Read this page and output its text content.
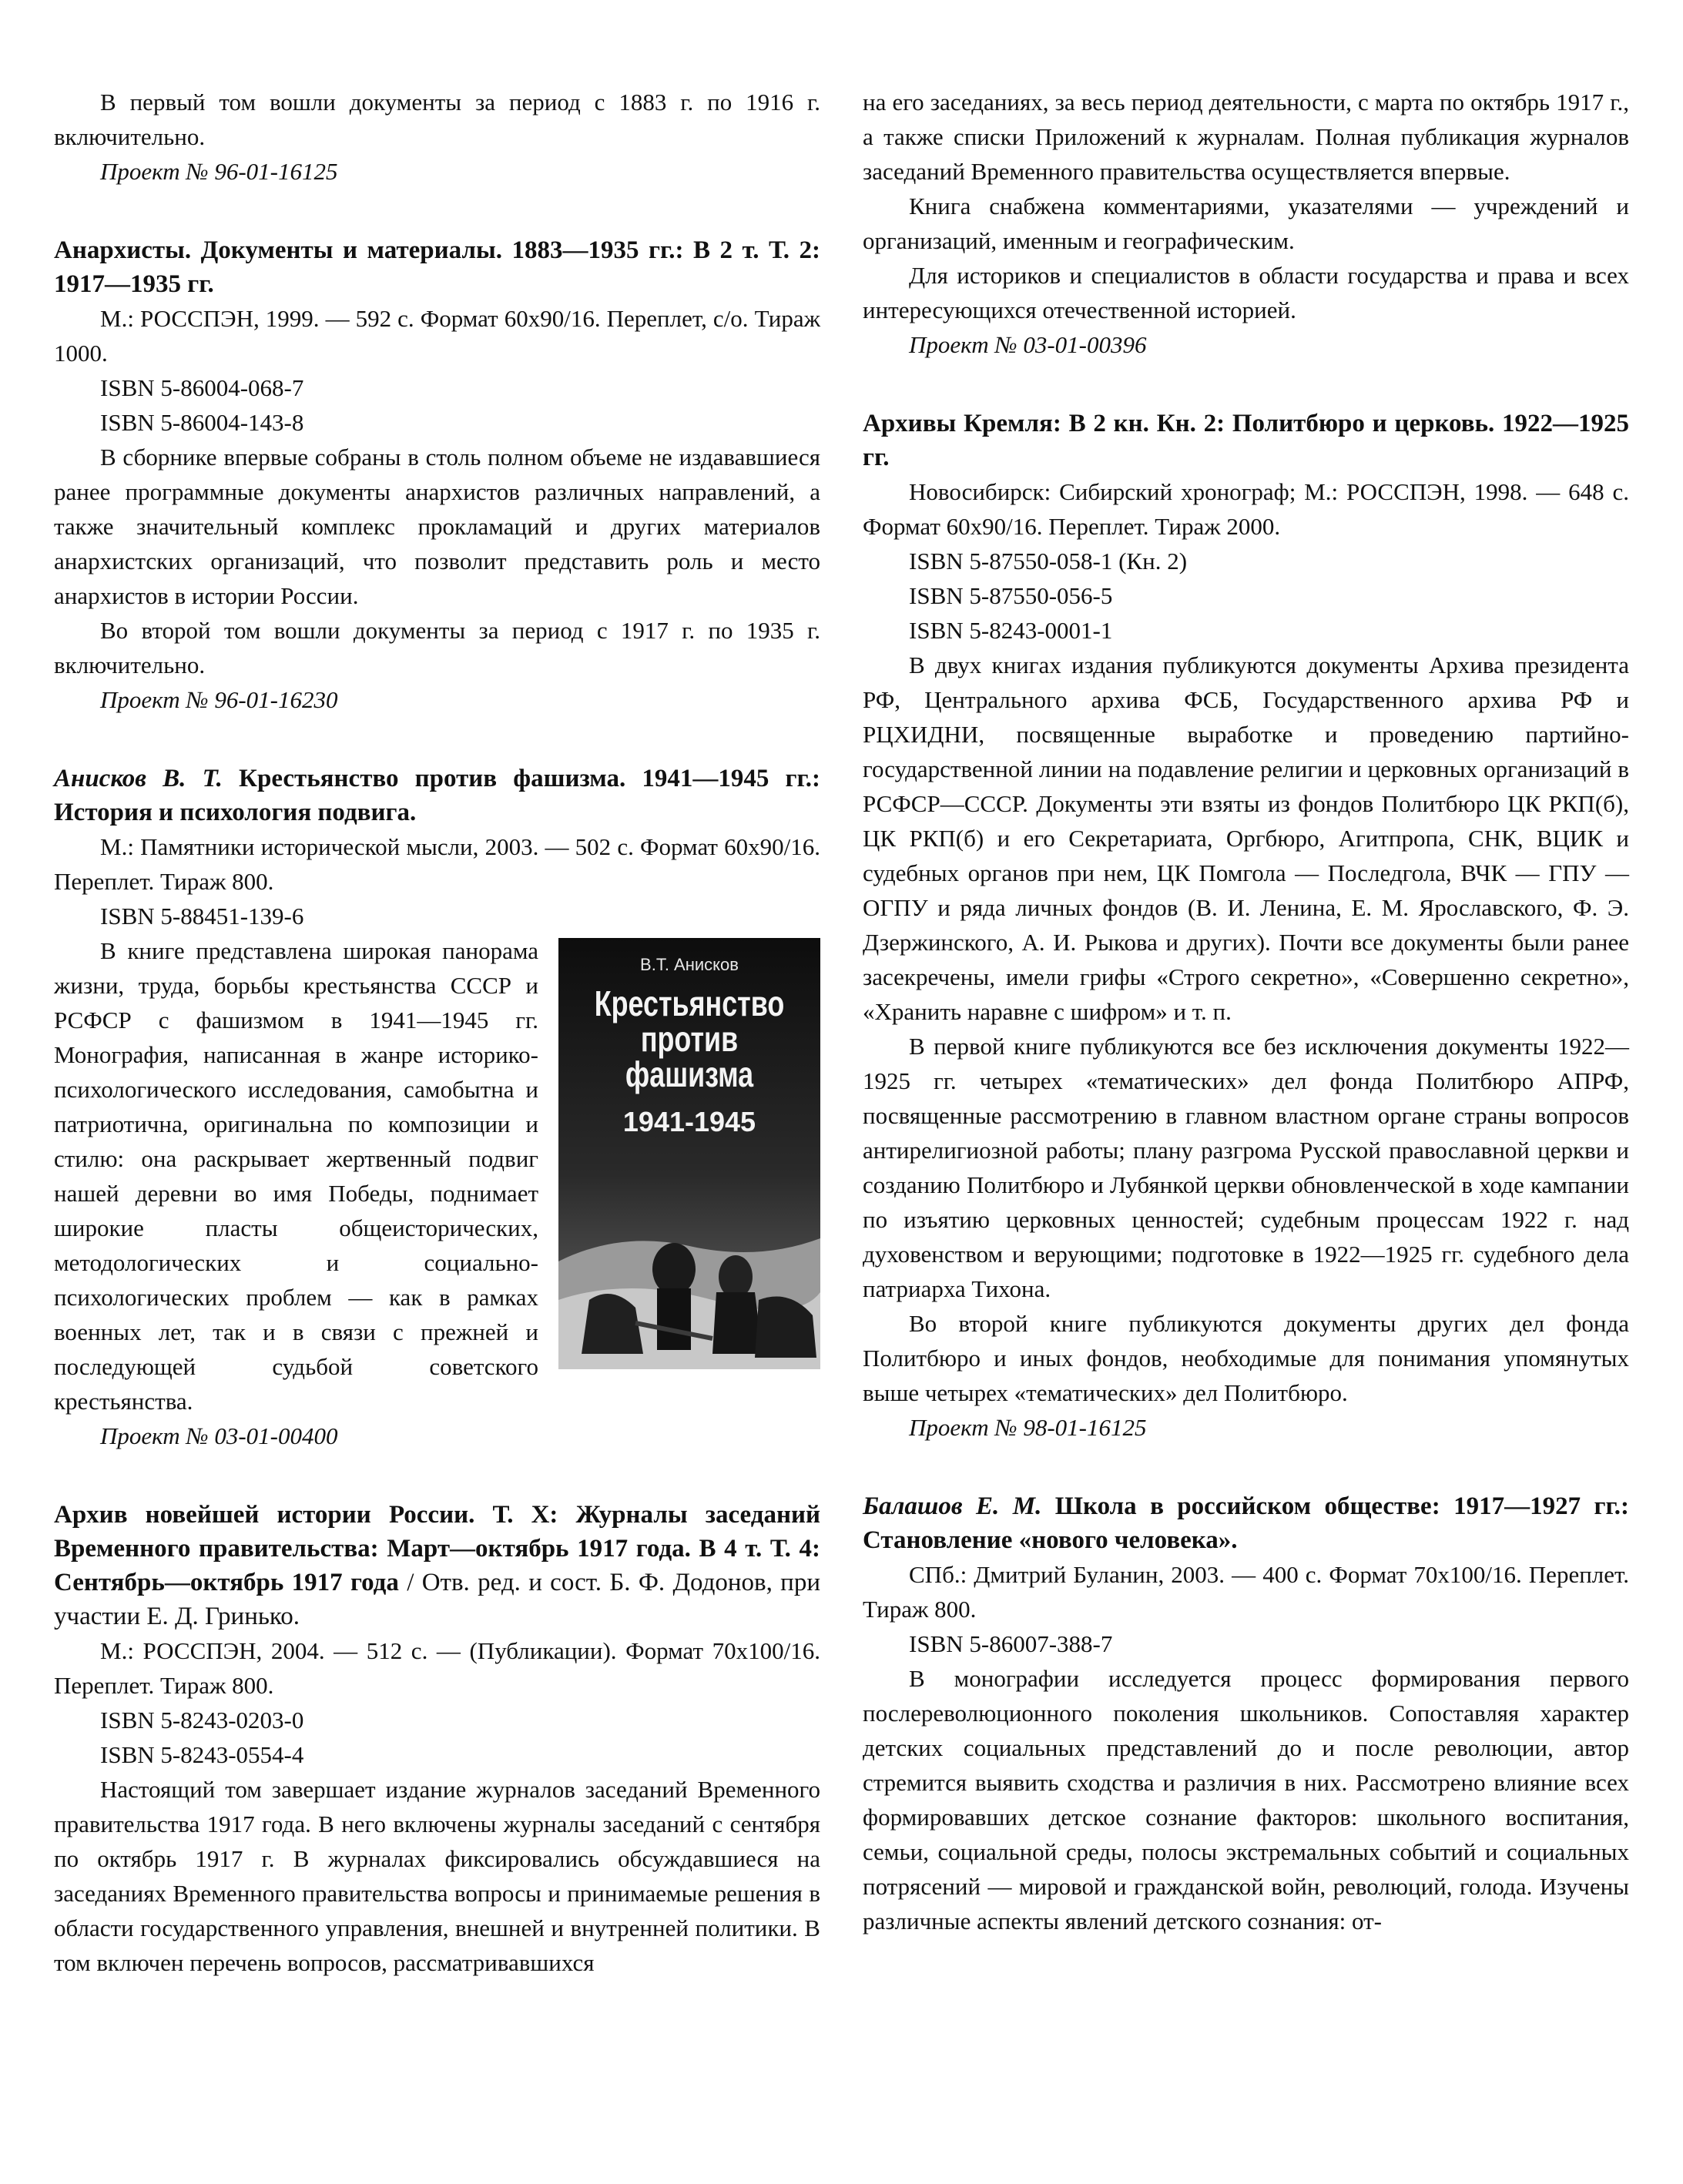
В первый том вошли документы за период с 1883 г. по 1916 г. включительно.

Проект № 96-01-16125

Анархисты. Документы и материалы. 1883—1935 гг.: В 2 т. Т. 2: 1917—1935 гг.

М.: РОССПЭН, 1999. — 592 с. Формат 60х90/16. Переплет, с/о. Тираж 1000.

ISBN 5-86004-068-7

ISBN 5-86004-143-8

В сборнике впервые собраны в столь полном объеме не издававшиеся ранее программные документы анархистов различных направлений, а также значительный комплекс прокламаций и других материалов анархистских организаций, что позволит представить роль и место анархистов в истории России.

Во второй том вошли документы за период с 1917 г. по 1935 г. включительно.

Проект № 96-01-16230

Анисков В. Т. Крестьянство против фашизма. 1941—1945 гг.: История и психология подвига.

М.: Памятники исторической мысли, 2003. — 502 с. Формат 60х90/16. Переплет. Тираж 800.

ISBN 5-88451-139-6

В.Т. Анисков
Крестьянство
против
фашизма
1941-1945

В книге представлена широкая панорама жизни, труда, борьбы крестьянства СССР и РСФСР с фашизмом в 1941—1945 гг. Монография, написанная в жанре историко-психологического исследования, самобытна и патриотична, оригинальна по композиции и стилю: она раскрывает жертвенный подвиг нашей деревни во имя Победы, поднимает широкие пласты общеисторических, методологических и социально-психологических проблем — как в рамках военных лет, так и в связи с прежней и последующей судьбой советского крестьянства.

Проект № 03-01-00400

Архив новейшей истории России. Т. X: Журналы заседаний Временного правительства: Март—октябрь 1917 года. В 4 т. Т. 4: Сентябрь—октябрь 1917 года / Отв. ред. и сост. Б. Ф. Додонов, при участии Е. Д. Гринько.

М.: РОССПЭН, 2004. — 512 с. — (Публикации). Формат 70х100/16. Переплет. Тираж 800.

ISBN 5-8243-0203-0

ISBN 5-8243-0554-4

Настоящий том завершает издание журналов заседаний Временного правительства 1917 года. В него включены журналы заседаний с сентября по октябрь 1917 г. В журналах фиксировались обсуждавшиеся на заседаниях Временного правительства вопросы и принимаемые решения в области государственного управления, внешней и внутренней политики. В том включен перечень вопросов, рассматривавшихся

на его заседаниях, за весь период деятельности, с марта по октябрь 1917 г., а также списки Приложений к журналам. Полная публикация журналов заседаний Временного правительства осуществляется впервые.

Книга снабжена комментариями, указателями — учреждений и организаций, именным и географическим.

Для историков и специалистов в области государства и права и всех интересующихся отечественной историей.

Проект № 03-01-00396

Архивы Кремля: В 2 кн. Кн. 2: Политбюро и церковь. 1922—1925 гг.

Новосибирск: Сибирский хронограф; М.: РОССПЭН, 1998. — 648 с. Формат 60х90/16. Переплет. Тираж 2000.

ISBN 5-87550-058-1 (Кн. 2)

ISBN 5-87550-056-5

ISBN 5-8243-0001-1

В двух книгах издания публикуются документы Архива президента РФ, Центрального архива ФСБ, Государственного архива РФ и РЦХИДНИ, посвященные выработке и проведению партийно-государственной линии на подавление религии и церковных организаций в РСФСР—СССР. Документы эти взяты из фондов Политбюро ЦК РКП(б), ЦК РКП(б) и его Секретариата, Оргбюро, Агитпропа, СНК, ВЦИК и судебных органов при нем, ЦК Помгола — Последгола, ВЧК — ГПУ — ОГПУ и ряда личных фондов (В. И. Ленина, Е. М. Ярославского, Ф. Э. Дзержинского, А. И. Рыкова и других). Почти все документы были ранее засекречены, имели грифы «Строго секретно», «Совершенно секретно», «Хранить наравне с шифром» и т. п.

В первой книге публикуются все без исключения документы 1922—1925 гг. четырех «тематических» дел фонда Политбюро АПРФ, посвященные рассмотрению в главном властном органе страны вопросов антирелигиозной работы; плану разгрома Русской православной церкви и созданию Политбюро и Лубянкой церкви обновленческой в ходе кампании по изъятию церковных ценностей; судебным процессам 1922 г. над духовенством и верующими; подготовке в 1922—1925 гг. судебного дела патриарха Тихона.

Во второй книге публикуются документы других дел фонда Политбюро и иных фондов, необходимые для понимания упомянутых выше четырех «тематических» дел Политбюро.

Проект № 98-01-16125

Балашов Е. М. Школа в российском обществе: 1917—1927 гг.: Становление «нового человека».

СПб.: Дмитрий Буланин, 2003. — 400 с. Формат 70х100/16. Переплет. Тираж 800.

ISBN 5-86007-388-7

В монографии исследуется процесс формирования первого послереволюционного поколения школьников. Сопоставляя характер детских социальных представлений до и после революции, автор стремится выявить сходства и различия в них. Рассмотрено влияние всех формировавших детское сознание факторов: школьного воспитания, семьи, социальной среды, полосы экстремальных событий и социальных потрясений — мировой и гражданской войн, революций, голода. Изучены различные аспекты явлений детского сознания: от-
